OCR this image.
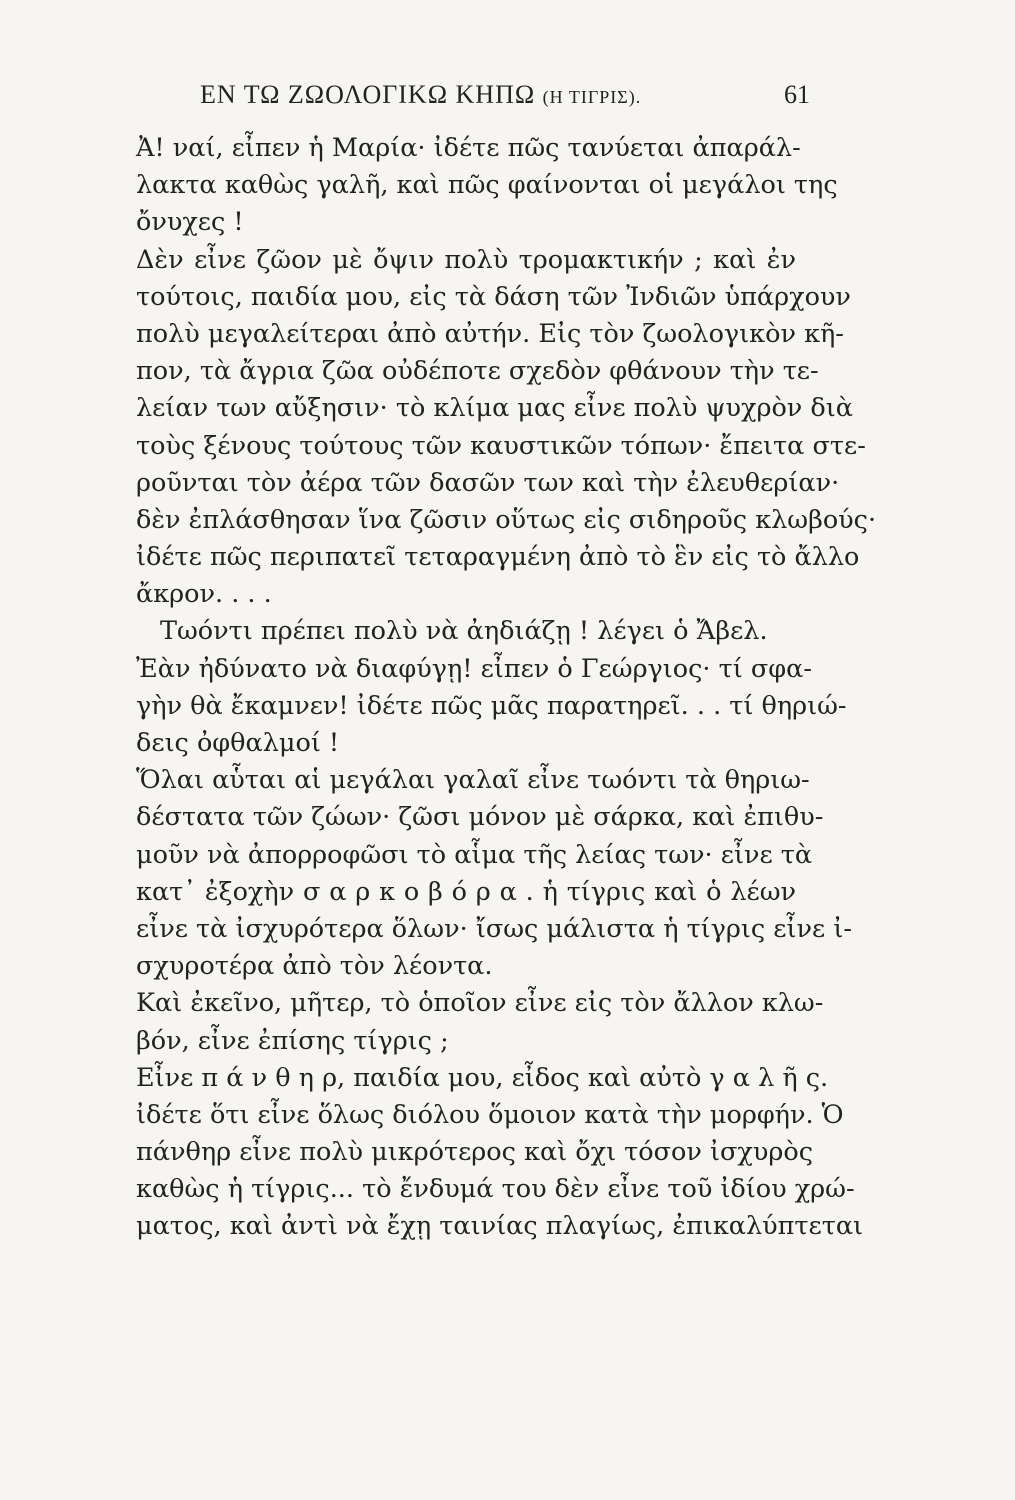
ΕΝ ΤΩ ΖΩΟΛΟΓΙΚΩ ΚΗΠΩ (Η ΤΙΓΡΙΣ).	61
Ἀ! ναί, εἶπεν ἡ Μαρία· ἰδέτε πῶς τανύεται ἀπαράλ-
λακτα καθὼς γαλῆ, καὶ πῶς φαίνονται οἱ μεγάλοι της
ὄνυχες !
Δὲν εἶνε ζῶον μὲ ὄψιν πολὺ τρομακτικήν ; καὶ ἐν
τούτοις, παιδία μου, εἰς τὰ δάση τῶν Ἰνδιῶν ὑπάρχουν
πολὺ μεγαλείτεραι ἀπὸ αὐτήν. Εἰς τὸν ζωολογικὸν κῆ-
πον, τὰ ἄγρια ζῶα οὐδέποτε σχεδὸν φθάνουν τὴν τε-
λείαν των αὔξησιν· τὸ κλίμα μας εἶνε πολὺ ψυχρὸν διὰ
τοὺς ξένους τούτους τῶν καυστικῶν τόπων· ἔπειτα στε-
ροῦνται τὸν ἀέρα τῶν δασῶν των καὶ τὴν ἐλευθερίαν·
δὲν ἐπλάσθησαν ἵνα ζῶσιν οὕτως εἰς σιδηροῦς κλωβούς·
ἰδέτε πῶς περιπατεῖ τεταραγμένη ἀπὸ τὸ ἓν εἰς τὸ ἄλλο
ἄκρον. . . .
Τωόντι πρέπει πολὺ νὰ ἀηδιάζῃ ! λέγει ὁ Ἄβελ.
Ἐὰν ἠδύνατο νὰ διαφύγῃ! εἶπεν ὁ Γεώργιος· τί σφα-
γὴν θὰ ἔκαμνεν! ἰδέτε πῶς μᾶς παρατηρεῖ. . . τί θηριώ-
δεις ὀφθαλμοί !
Ὅλαι αὗται αἱ μεγάλαι γαλαῖ εἶνε τωόντι τὰ θηριω-
δέστατα τῶν ζώων· ζῶσι μόνον μὲ σάρκα, καὶ ἐπιθυ-
μοῦν νὰ ἀπορροφῶσι τὸ αἷμα τῆς λείας των· εἶνε τὰ
κατ᾽ ἐξοχὴν σ α ρ κ ο β ό ρ α . ἡ τίγρις καὶ ὁ λέων
εἶνε τὰ ἰσχυρότερα ὅλων· ἴσως μάλιστα ἡ τίγρις εἶνε ἰ-
σχυροτέρα ἀπὸ τὸν λέοντα.
Καὶ ἐκεῖνο, μῆτερ, τὸ ὁποῖον εἶνε εἰς τὸν ἄλλον κλω-
βόν, εἶνε ἐπίσης τίγρις ;
Εἶνε π ά ν θ η ρ, παιδία μου, εἶδος καὶ αὐτὸ γ α λ ῆ ς.
ἰδέτε ὅτι εἶνε ὅλως διόλου ὅμοιον κατὰ τὴν μορφήν. Ὁ
πάνθηρ εἶνε πολὺ μικρότερος καὶ ὄχι τόσον ἰσχυρὸς
καθὼς ἡ τίγρις... τὸ ἔνδυμά του δὲν εἶνε τοῦ ἰδίου χρώ-
ματος, καὶ ἀντὶ νὰ ἔχῃ ταινίας πλαγίως, ἐπικαλύπτεται
